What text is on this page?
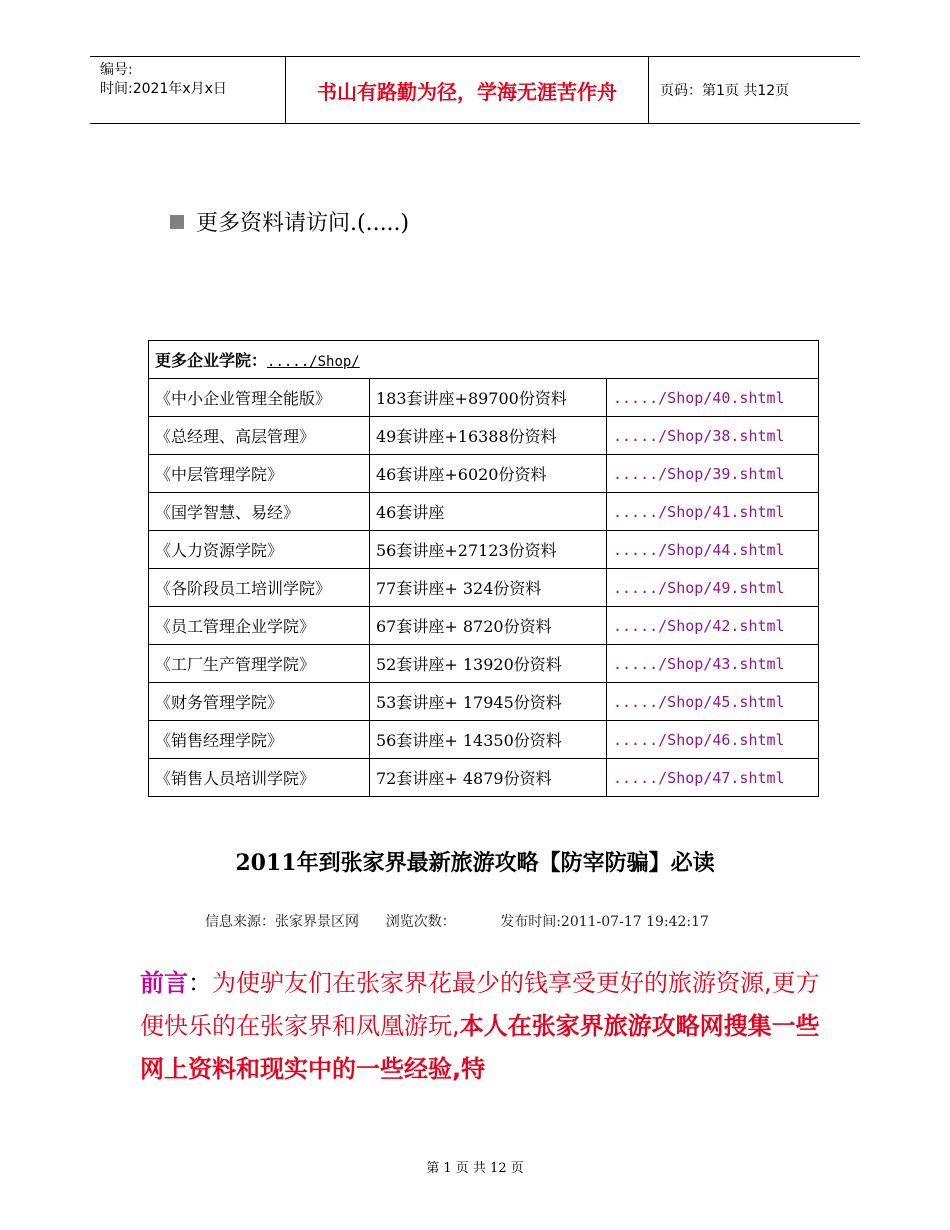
编号:
时间:2021年x月x日	书山有路勤为径，学海无涯苦作舟	页码：第1页 共12页
更多资料请访问.(.....)
更多企业学院：...../Shop/		
《中小企业管理全能版》	183套讲座+89700份资料	...../Shop/40.shtml
《总经理、高层管理》	49套讲座+16388份资料	...../Shop/38.shtml
《中层管理学院》	46套讲座+6020份资料	...../Shop/39.shtml
《国学智慧、易经》	46套讲座	...../Shop/41.shtml
《人力资源学院》	56套讲座+27123份资料	...../Shop/44.shtml
《各阶段员工培训学院》	77套讲座+ 324份资料	...../Shop/49.shtml
《员工管理企业学院》	67套讲座+ 8720份资料	...../Shop/42.shtml
《工厂生产管理学院》	52套讲座+ 13920份资料	...../Shop/43.shtml
《财务管理学院》	53套讲座+ 17945份资料	...../Shop/45.shtml
《销售经理学院》	56套讲座+ 14350份资料	...../Shop/46.shtml
《销售人员培训学院》	72套讲座+ 4879份资料	...../Shop/47.shtml
2011年到张家界最新旅游攻略【防宰防骗】必读
信息来源：张家界景区网      浏览次数：          发布时间:2011-07-17 19:42:17
前言：为使驴友们在张家界花最少的钱享受更好的旅游资源,更方便快乐的在张家界和凤凰游玩,本人在张家界旅游攻略网搜集一些网上资料和现实中的一些经验,特
第 1 页 共 12 页
